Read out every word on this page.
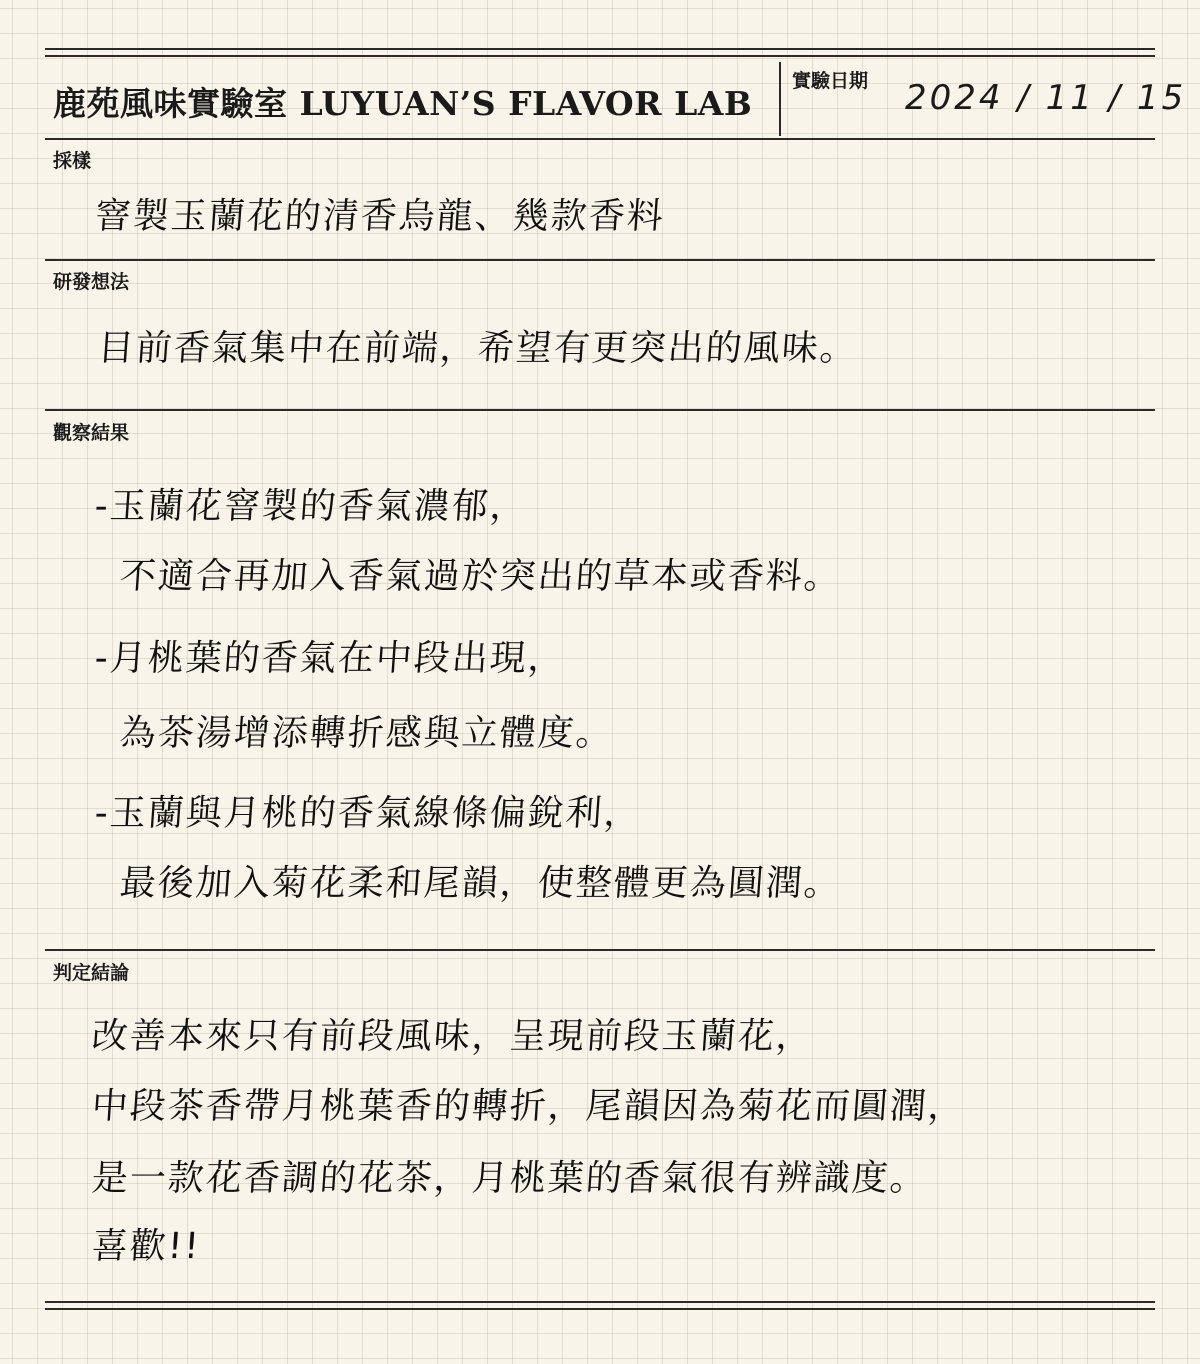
鹿苑風味實驗室 LUYUAN’S FLAVOR LAB
實驗日期 2024 / 11 / 15
採樣
窨製玉蘭花的清香烏龍、幾款香料
研發想法
目前香氣集中在前端，希望有更突出的風味。
觀察結果
-玉蘭花窨製的香氣濃郁，
不適合再加入香氣過於突出的草本或香料。
-月桃葉的香氣在中段出現，
為茶湯增添轉折感與立體度。
-玉蘭與月桃的香氣線條偏銳利，
最後加入菊花柔和尾韻，使整體更為圓潤。
判定結論
改善本來只有前段風味，呈現前段玉蘭花，
中段茶香帶月桃葉香的轉折，尾韻因為菊花而圓潤，
是一款花香調的花茶，月桃葉的香氣很有辨識度。
喜歡!!
